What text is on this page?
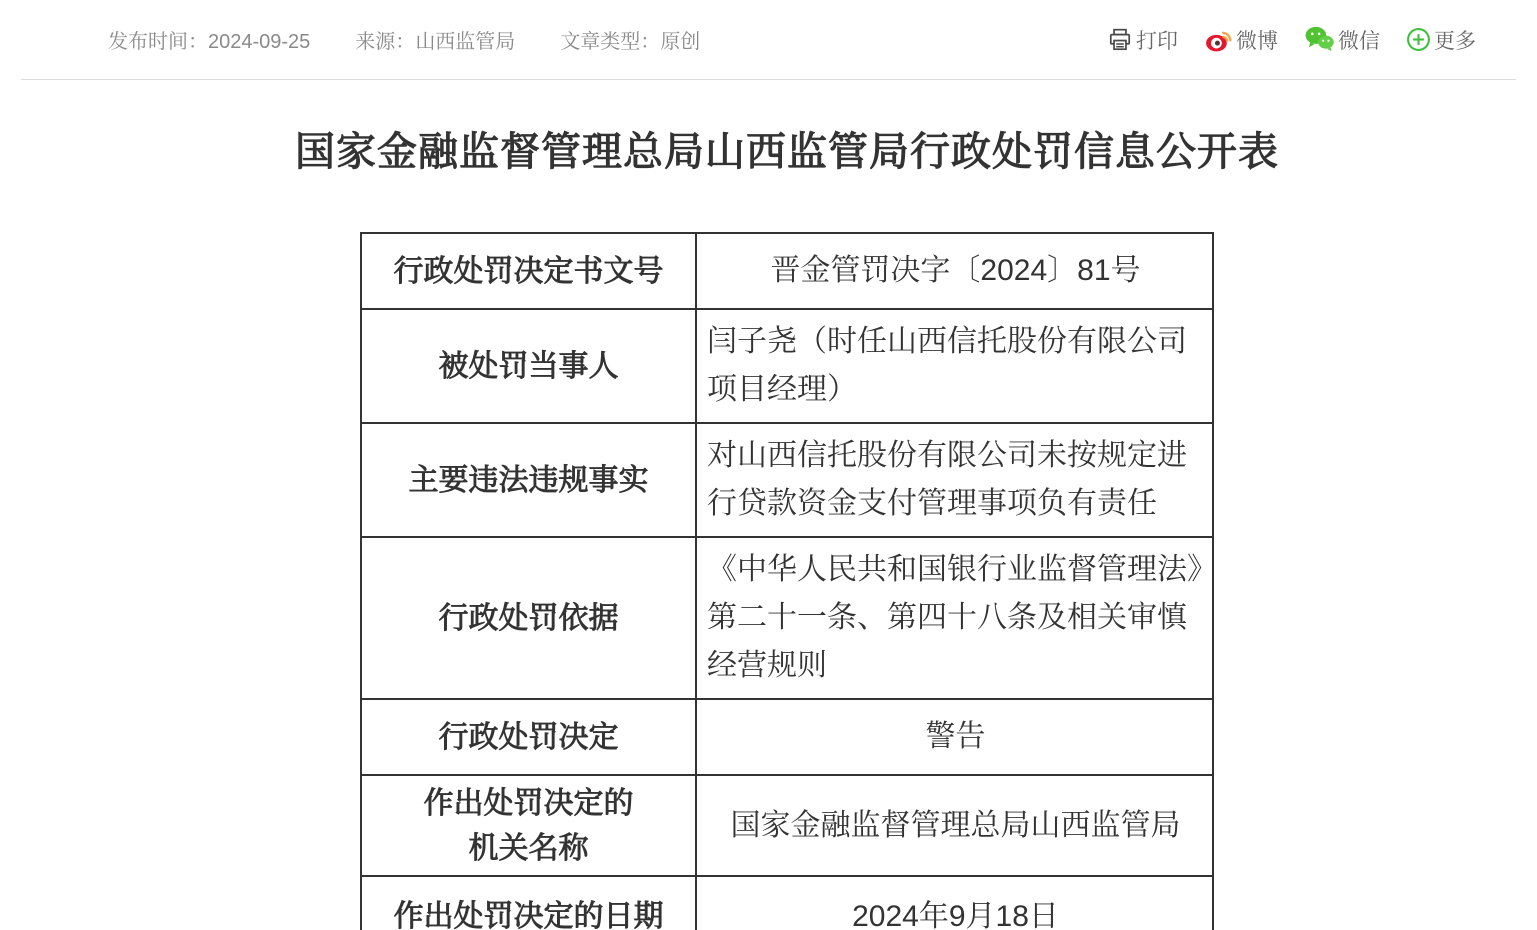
发布时间：2024-09-25 来源：山西监管局 文章类型：原创	打印	微博	微信	更多
国家金融监督管理总局山西监管局行政处罚信息公开表
行政处罚决定书文号	晋金管罚决字〔2024〕81号
被处罚当事人	闫子尧（时任山西信托股份有限公司项目经理）
主要违法违规事实	对山西信托股份有限公司未按规定进行贷款资金支付管理事项负有责任
行政处罚依据	《中华人民共和国银行业监督管理法》第二十一条、第四十八条及相关审慎经营规则
行政处罚决定	警告

作出处罚决定的
机关名称	国家金融监督管理总局山西监管局
作出处罚决定的日期	2024年9月18日
